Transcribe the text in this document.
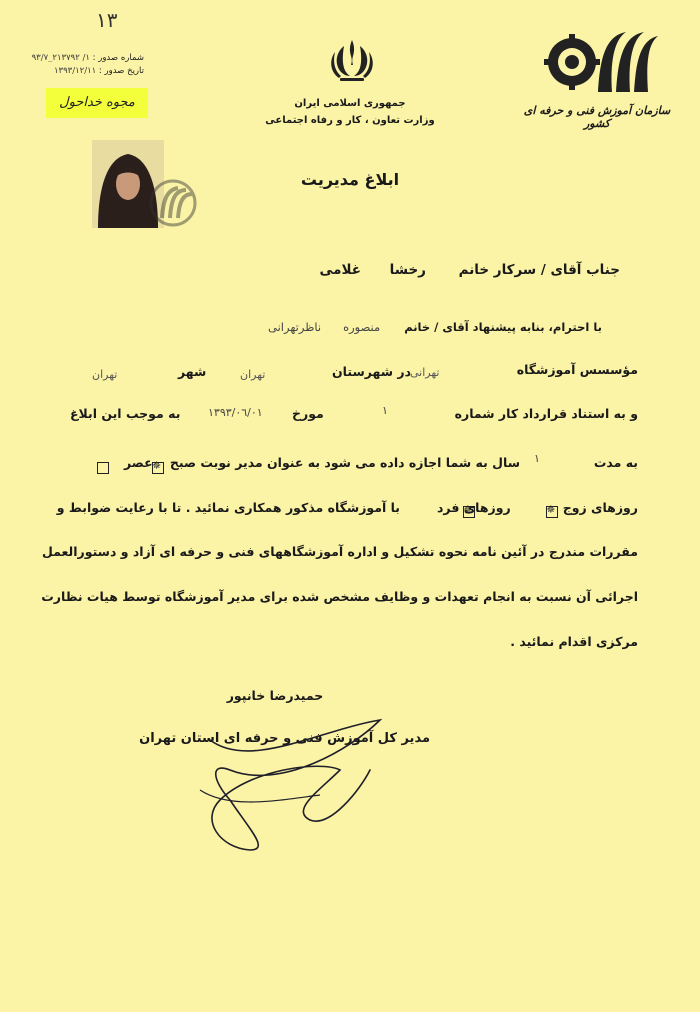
١٣
شماره صدور : ١/ ٢١٣٧٩٢_٩٣/٧
تاریخ صدور : ١٣٩٣/١٢/١١
مجوه خداحول	جمهوری اسلامی ایران
وزارت تعاون ، کار و رفاه اجتماعی
سازمان آموزش فنی و حرفه ای کشور
ابلاغ مدیریت
جناب آقای / سرکار خانم رخشا غلامی
با احترام، بنابه پیشنهاد آقای / خانم منصوره ناظرتهرانی
مؤسسس آموزشگاه
تهرانی
در شهرستان
تهران
شهر
تهران
و به استناد قرارداد کار شماره
١
مورخ
١٣٩٣/٠٦/٠١
به موجب این ابلاغ
به مدت
١
سال به شما اجازه داده می شود به عنوان مدیر نوبت صبح
✵
عصر

روزهای زوج
✵
روزهای فرد
✵
با آموزشگاه مذکور همکاری نمائید . تا با رعایت ضوابط و
مقررات مندرج در آئین نامه نحوه تشکیل و اداره آموزشگاههای فنی و حرفه ای آزاد و دستورالعمل
اجرائی آن نسبت به انجام تعهدات و وظایف مشخص شده برای مدیر آموزشگاه توسط هیات نظارت
مرکزی اقدام نمائید .
حمیدرضا خانپور
مدیر کل آموزش فنی و حرفه ای استان تهران
